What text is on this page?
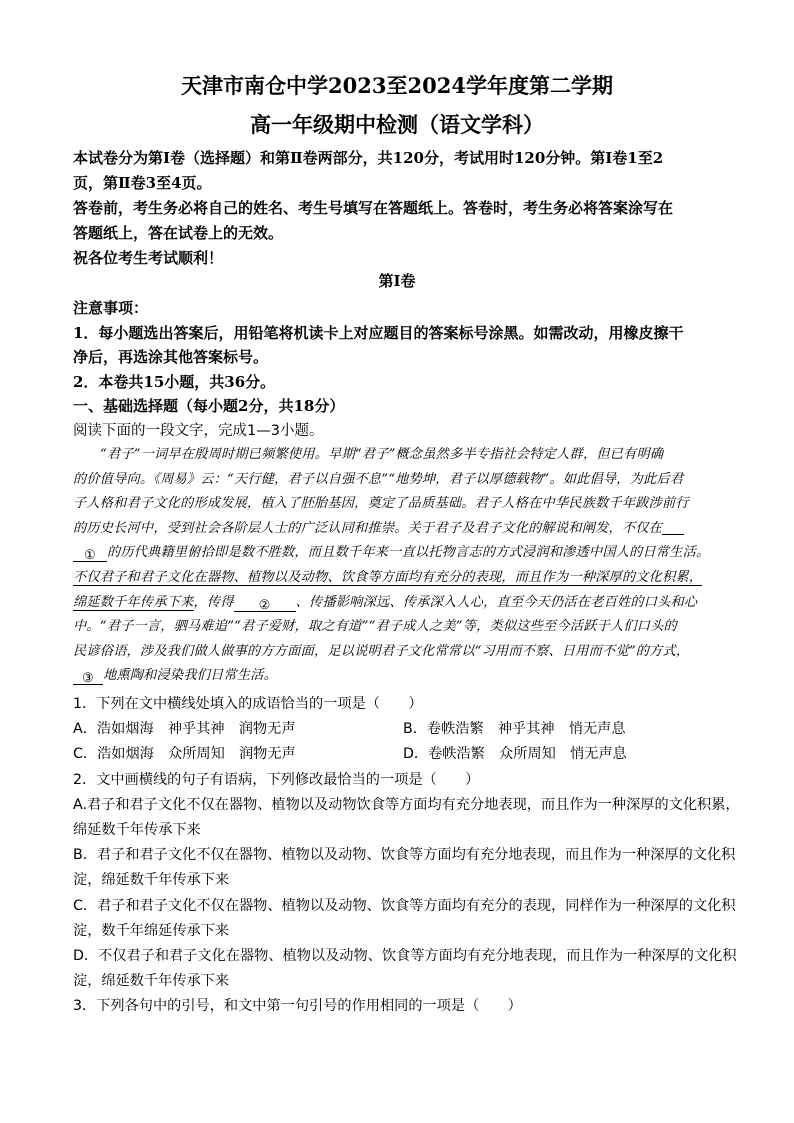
天津市南仓中学2023至2024学年度第二学期
高一年级期中检测（语文学科）

本试卷分为第Ⅰ卷（选择题）和第Ⅱ卷两部分，共120分，考试用时120分钟。第Ⅰ卷1至2

页，第Ⅱ卷3至4页。

答卷前，考生务必将自己的姓名、考生号填写在答题纸上。答卷时，考生务必将答案涂写在

答题纸上，答在试卷上的无效。

祝各位考生考试顺利！

第Ⅰ卷

注意事项：

1．每小题选出答案后，用铅笔将机读卡上对应题目的答案标号涂黑。如需改动，用橡皮擦干

净后，再选涂其他答案标号。

2．本卷共15小题，共36分。

一、基础选择题（每小题2分，共18分）

阅读下面的一段文字，完成1—3小题。
“君子”一词早在殷周时期已频繁使用。早期“君子”概念虽然多半专指社会特定人群，但已有明确
的价值导向。《周易》云：“天行健，君子以自强不息”“地势坤，君子以厚德载物”。如此倡导，为此后君
子人格和君子文化的形成发展，植入了胚胎基因，奠定了品质基础。君子人格在中华民族数千年跋涉前行
的历史长河中，受到社会各阶层人士的广泛认同和推崇。关于君子及君子文化的解说和阐发，不仅在
① 的历代典籍里俯拾即是数不胜数，而且数千年来一直以托物言志的方式浸润和渗透中国人的日常生活。
不仅君子和君子文化在器物、植物以及动物、饮食等方面均有充分的表现，而且作为一种深厚的文化积累，
绵延数千年传承下来，传得 ② 、传播影响深远、传承深入人心，直至今天仍活在老百姓的口头和心
中。“君子一言，驷马难追”“君子爱财，取之有道”“君子成人之美”等，类似这些至今活跃于人们口头的
民谚俗语，涉及我们做人做事的方方面面，足以说明君子文化常常以“习用而不察、日用而不觉”的方式，
③ 地熏陶和浸染我们日常生活。
1．下列在文中横线处填入的成语恰当的一项是（　　）
A．浩如烟海　神乎其神　润物无声	B．卷帙浩繁　神乎其神　悄无声息
C．浩如烟海　众所周知　润物无声	D．卷帙浩繁　众所周知　悄无声息
2．文中画横线的句子有语病，下列修改最恰当的一项是（　　）
A.君子和君子文化不仅在器物、植物以及动物饮食等方面均有充分地表现，而且作为一种深厚的文化积累，
绵延数千年传承下来
B．君子和君子文化不仅在器物、植物以及动物、饮食等方面均有充分地表现，而且作为一种深厚的文化积
淀，绵延数千年传承下来
C．君子和君子文化不仅在器物、植物以及动物、饮食等方面均有充分的表现，同样作为一种深厚的文化积
淀，数千年绵延传承下来
D．不仅君子和君子文化在器物、植物以及动物、饮食等方面均有充分地表现，而且作为一种深厚的文化积
淀，绵延数千年传承下来
3．下列各句中的引号，和文中第一句引号的作用相同的一项是（　　）
